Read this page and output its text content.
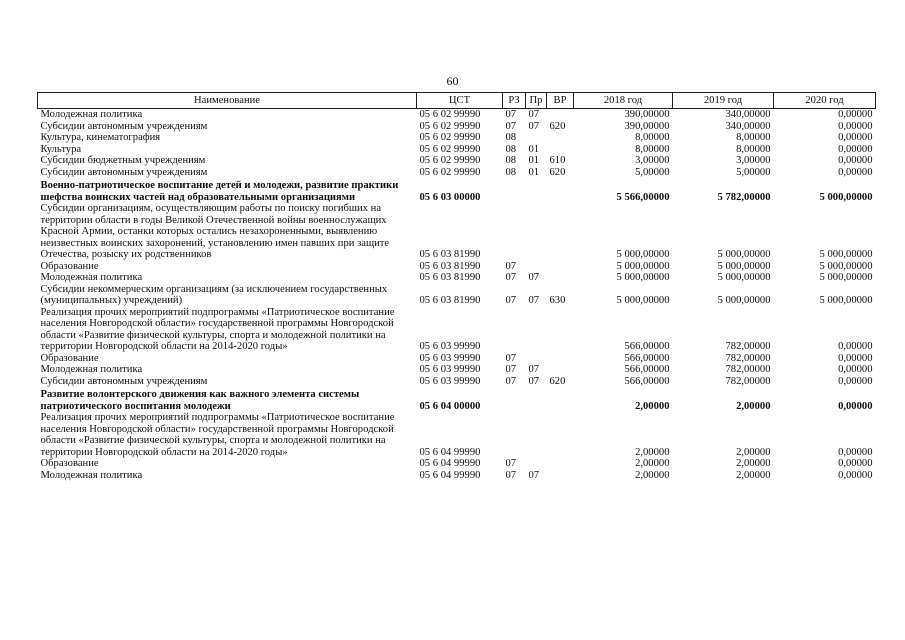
60
Наименование	ЦСТ	РЗ	Пр	ВР	2018 год	2019 год	2020 год
Молодежная политика	05 6 02 99990	07	07		390,00000	340,00000	0,00000
Субсидии автономным учреждениям	05 6 02 99990	07	07	620	390,00000	340,00000	0,00000
Культура, кинематография	05 6 02 99990	08			8,00000	8,00000	0,00000
Культура	05 6 02 99990	08	01		8,00000	8,00000	0,00000
Субсидии бюджетным учреждениям	05 6 02 99990	08	01	610	3,00000	3,00000	0,00000
Субсидии автономным учреждениям	05 6 02 99990	08	01	620	5,00000	5,00000	0,00000
Военно-патриотическое воспитание детей и молодежи, развитие практики шефства воинских частей над образовательными организациями	05 6 03 00000				5 566,00000	5 782,00000	5 000,00000
Субсидии организациям, осуществляющим работы по поиску погибших на территории области в годы Великой Отечественной войны военнослужащих Красной Армии, останки которых остались незахороненными, выявлению неизвестных воинских захоронений, установлению имен павших при защите Отечества, розыску их родственников	05 6 03 81990				5 000,00000	5 000,00000	5 000,00000
Образование	05 6 03 81990	07			5 000,00000	5 000,00000	5 000,00000
Молодежная политика	05 6 03 81990	07	07		5 000,00000	5 000,00000	5 000,00000
Субсидии некоммерческим организациям (за исключением государственных (муниципальных) учреждений)	05 6 03 81990	07	07	630	5 000,00000	5 000,00000	5 000,00000
Реализация прочих мероприятий подпрограммы «Патриотическое воспитание населения Новгородской области» государственной программы Новгородской области «Развитие физической культуры, спорта и молодежной политики на территории Новгородской области на 2014-2020 годы»	05 6 03 99990				566,00000	782,00000	0,00000
Образование	05 6 03 99990	07			566,00000	782,00000	0,00000
Молодежная политика	05 6 03 99990	07	07		566,00000	782,00000	0,00000
Субсидии автономным учреждениям	05 6 03 99990	07	07	620	566,00000	782,00000	0,00000
Развитие волонтерского движения как важного элемента системы патриотического воспитания молодежи	05 6 04 00000				2,00000	2,00000	0,00000
Реализация прочих мероприятий подпрограммы «Патриотическое воспитание населения Новгородской области» государственной программы Новгородской области «Развитие физической культуры, спорта и молодежной политики на территории Новгородской области на 2014-2020 годы»	05 6 04 99990				2,00000	2,00000	0,00000
Образование	05 6 04 99990	07			2,00000	2,00000	0,00000
Молодежная политика	05 6 04 99990	07	07		2,00000	2,00000	0,00000
